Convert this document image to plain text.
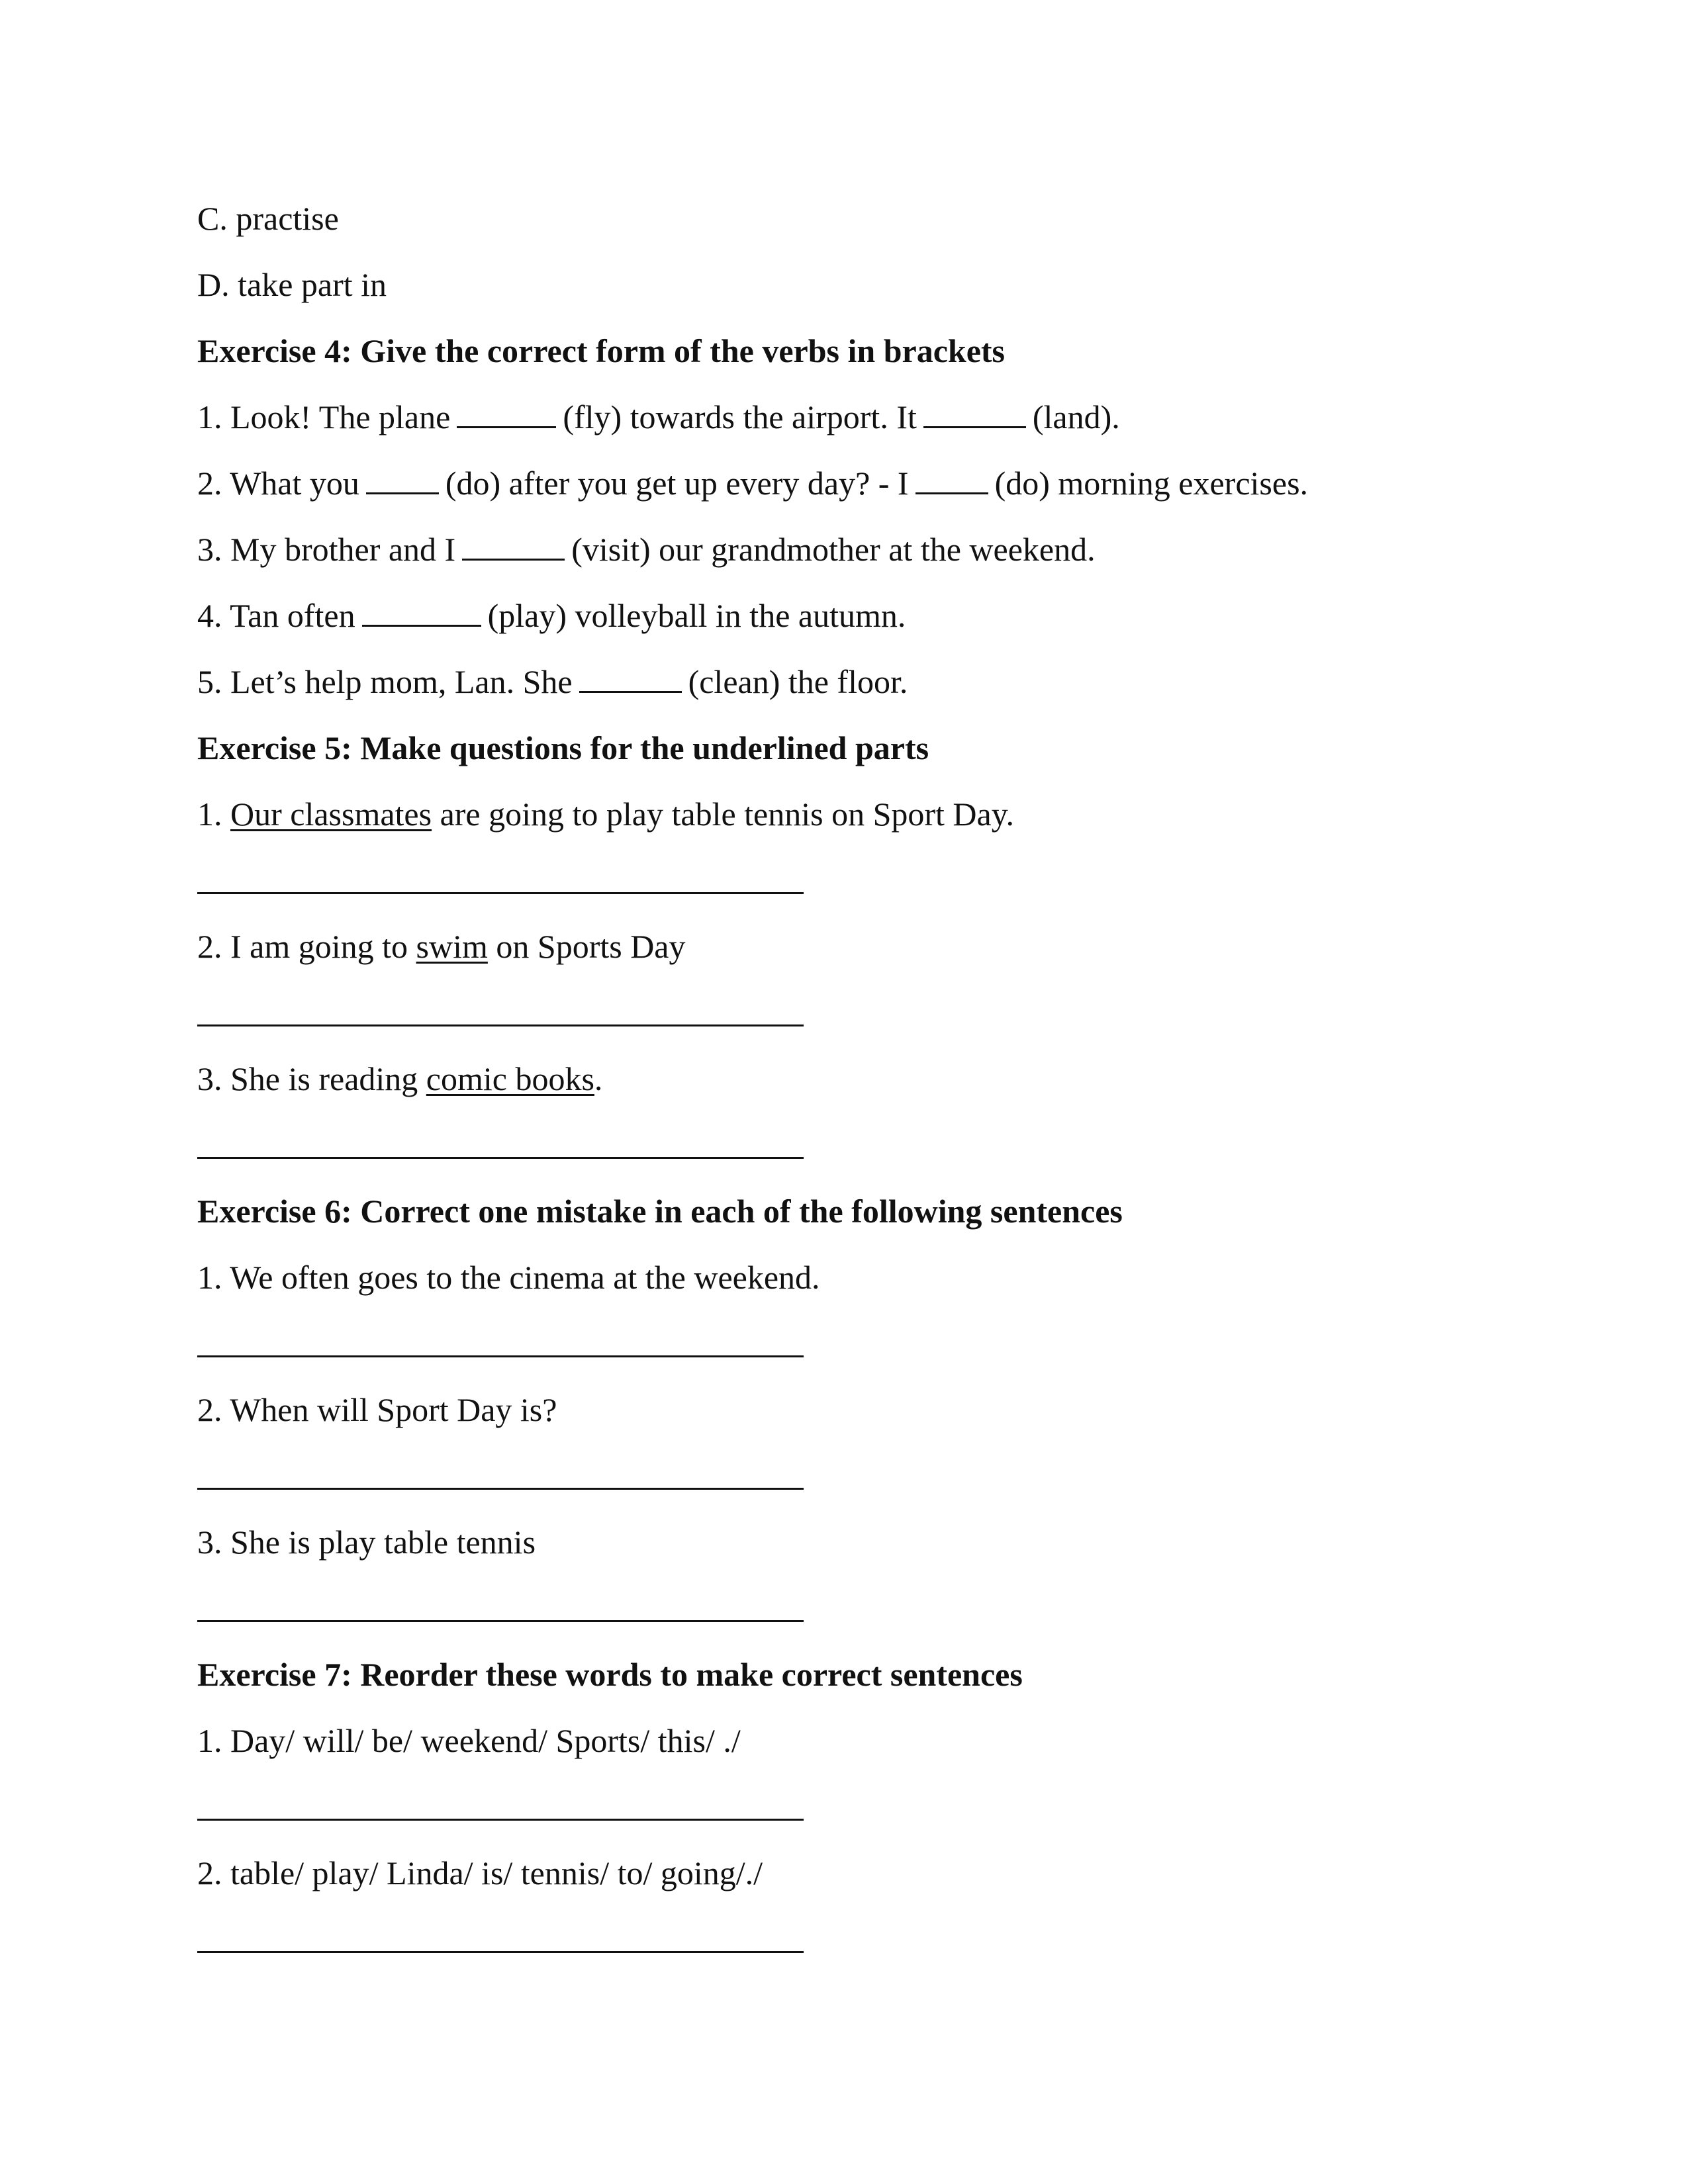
C. practise

D. take part in

Exercise 4: Give the correct form of the verbs in brackets

1. Look! The plane	(fly) towards the airport. It	(land).

2. What you	(do) after you get up every day? - I	(do) morning exercises.

3. My brother and I	(visit) our grandmother at the weekend.

4. Tan often	(play) volleyball in the autumn.

5. Let’s help mom, Lan. She	(clean) the floor.

Exercise 5: Make questions for the underlined parts

1. Our classmates are going to play table tennis on Sport Day.

2. I am going to swim on Sports Day

3. She is reading comic books.

Exercise 6: Correct one mistake in each of the following sentences

1. We often goes to the cinema at the weekend.

2. When will Sport Day is?

3. She is play table tennis

Exercise 7: Reorder these words to make correct sentences

1. Day/ will/ be/ weekend/ Sports/ this/ ./

2. table/ play/ Linda/ is/ tennis/ to/ going/./
